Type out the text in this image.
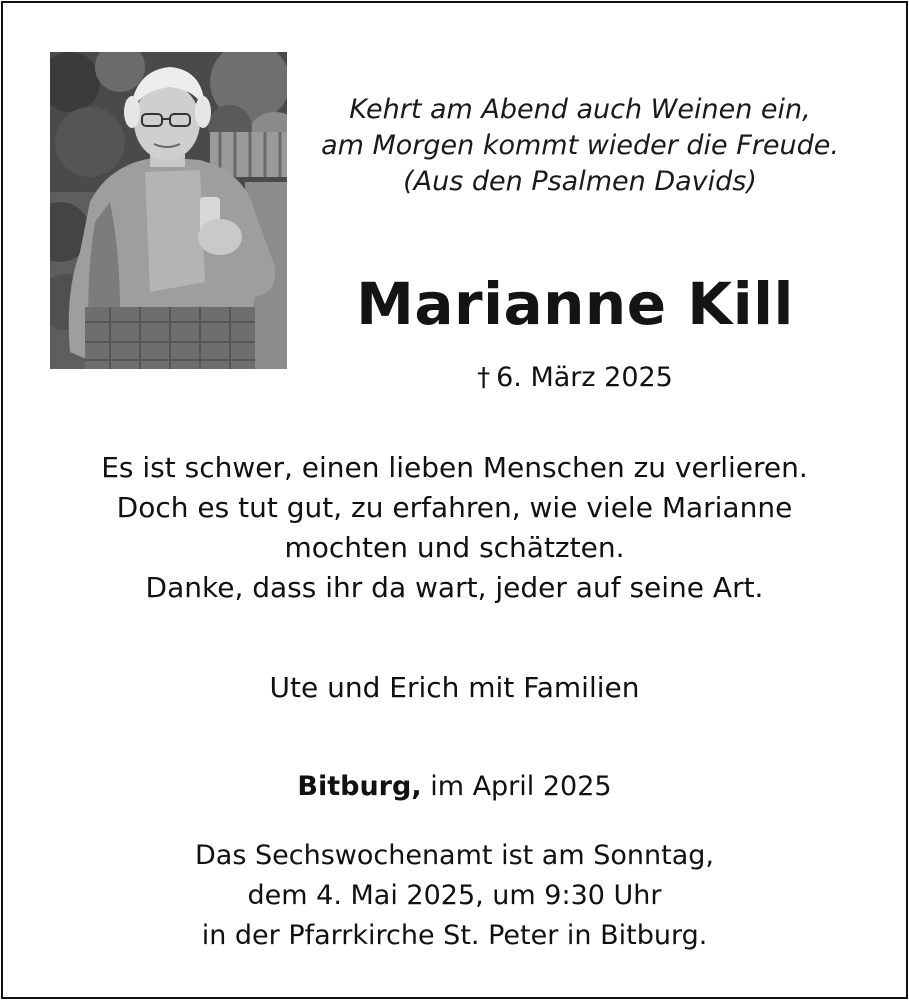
Kehrt am Abend auch Weinen ein,
am Morgen kommt wieder die Freude.
(Aus den Psalmen Davids)
Marianne Kill
† 6. März 2025
Es ist schwer, einen lieben Menschen zu verlieren.
Doch es tut gut, zu erfahren, wie viele Marianne
mochten und schätzten.
Danke, dass ihr da wart, jeder auf seine Art.
Ute und Erich mit Familien
Bitburg, im April 2025
Das Sechswochenamt ist am Sonntag,
dem 4. Mai 2025, um 9:30 Uhr
in der Pfarrkirche St. Peter in Bitburg.
